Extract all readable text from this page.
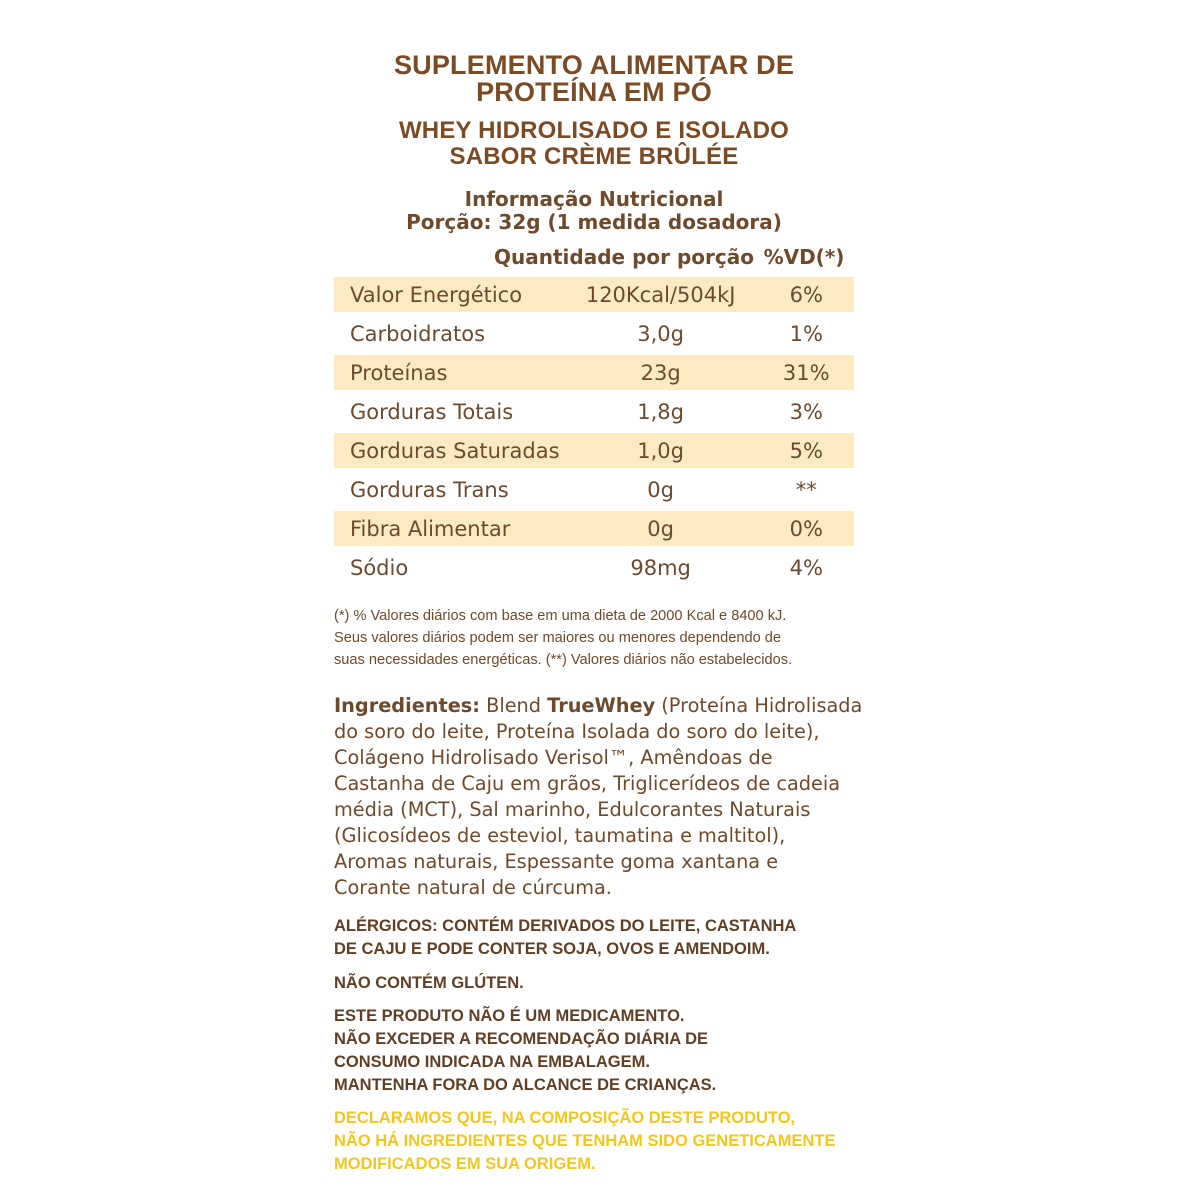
SUPLEMENTO ALIMENTAR DE
PROTEÍNA EM PÓ
WHEY HIDROLISADO E ISOLADO
SABOR CRÈME BRÛLÉE
Informação Nutricional
Porção: 32g (1 medida dosadora)
Quantidade por porção %VD(*)
Valor Energético	120Kcal/504kJ	6%
Carboidratos	3,0g	1%
Proteínas	23g	31%
Gorduras Totais	1,8g	3%
Gorduras Saturadas	1,0g	5%
Gorduras Trans	0g	**
Fibra Alimentar	0g	0%
Sódio	98mg	4%
(*) % Valores diários com base em uma dieta de 2000 Kcal e 8400 kJ.
Seus valores diários podem ser maiores ou menores dependendo de
suas necessidades energéticas. (**) Valores diários não estabelecidos.
Ingredientes: Blend TrueWhey (Proteína Hidrolisada
do soro do leite, Proteína Isolada do soro do leite),
Colágeno Hidrolisado Verisol™, Amêndoas de
Castanha de Caju em grãos, Triglicerídeos de cadeia
média (MCT), Sal marinho, Edulcorantes Naturais
(Glicosídeos de esteviol, taumatina e maltitol),
Aromas naturais, Espessante goma xantana e
Corante natural de cúrcuma.
ALÉRGICOS: CONTÉM DERIVADOS DO LEITE, CASTANHA
DE CAJU E PODE CONTER SOJA, OVOS E AMENDOIM.
NÃO CONTÉM GLÚTEN.
ESTE PRODUTO NÃO É UM MEDICAMENTO.
NÃO EXCEDER A RECOMENDAÇÃO DIÁRIA DE
CONSUMO INDICADA NA EMBALAGEM.
MANTENHA FORA DO ALCANCE DE CRIANÇAS.
DECLARAMOS QUE, NA COMPOSIÇÃO DESTE PRODUTO,
NÃO HÁ INGREDIENTES QUE TENHAM SIDO GENETICAMENTE
MODIFICADOS EM SUA ORIGEM.
